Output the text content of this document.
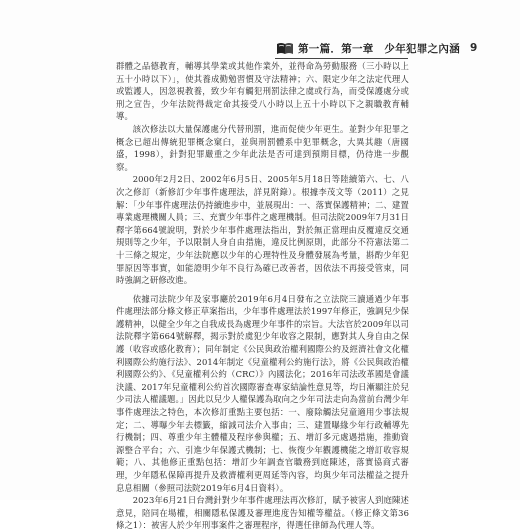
第一篇．第一章　少年犯罪之內涵 9

群體之品德教育，輔導其學業或其他作業外，並得命為勞動服務（三小時以上五十小時以下）」，使其養成勤勉習慣及守法精神；六、限定少年之法定代理人或監護人，因忽視教養，致少年有觸犯刑罰法律之虞或行為，而受保護處分或刑之宣告，少年法院得裁定命其接受八小時以上五十小時以下之親職教育輔導。

該次修法以大量保護處分代替刑罰，進而促使少年更生。並對少年犯罪之概念已超出傳統犯罪概念窠臼，並與刑罰體系中犯罪概念，大異其趣（唐國盛，1998），針對犯罪嚴重之少年此法是否可達到預期目標，仍待進一步觀察。

2000年2月2日、2002年6月5日、2005年5月18日等陸續第六、七、八次之修訂（新修訂少年事件處理法，詳見附錄）。根據李茂文等（2011）之見解：「少年事件處理法仍持續進步中，並展現出：一、落實保護精神；二、建置專業處理機關人員；三、充實少年事件之處理機制。但司法院2009年7月31日釋字第664號說明，對於少年事件處理法指出，對於無正當理由反覆違反交通規則等之少年，予以限制人身自由措施，違反比例原則，此部分不符憲法第二十三條之規定，少年法院應以少年的心理特性及身體發展為考量，斟酌少年犯罪原因等事實，如能證明少年不良行為確已改善者，因依法不再接受管束，同時強調之研修改進。

依據司法院少年及家事廳於2019年6月4日發布之立法院三讀通過少年事件處理法部分條文修正草案指出，少年事件處理法於1997年修正，強調兒少保護精神，以健全少年之自我成長為處理少年事件的宗旨。大法官於2009年以司法院釋字第664號解釋，揭示對於虞犯少年收容之限制，應對其人身自由之保護（收容或感化教育）；同年制定《公民與政治權利國際公約及經濟社會文化權利國際公約施行法》、2014年制定《兒童權利公約施行法》，將《公民與政治權利國際公約》、《兒童權利公約（CRC）》內國法化；2016年司法改革國是會議決議、2017年兒童權利公約首次國際審查專家結論性意見等，均日漸顯注於兒少司法人權議題。」因此以兒少人權保護為取向之少年司法走向為當前台灣少年事件處理法之特色，本次修訂重點主要包括：一、廢除觸法兒童適用少事法規定；二、導曝少年去標籤，縮減司法介入事由；三、建置曝緣少年行政輔導先行機制；四、尊重少年主體權及程序參與權；五、增訂多元處遇措施，推動資源整合平台；六、引進少年保護式機制；七、恢復少年觀護機能之增訂收容規範；八、其他修正重點包括：增訂少年調查官職務到庭陳述，落實協商式審理，少年隱私保障再提升及救濟權利更周延等內容，均與少年司法權益之提升息息相關（參照司法院2019年6月4日資料）。

2023年6月21日台灣針對少年事件處理法再次修訂，賦予被害人到庭陳述意見，陪同在場權，相關隱私保護及審理進度告知權等權益。（修正條文第36條之1）：被害人於少年刑事案件之審理程序，得選任律師為代理人等。
